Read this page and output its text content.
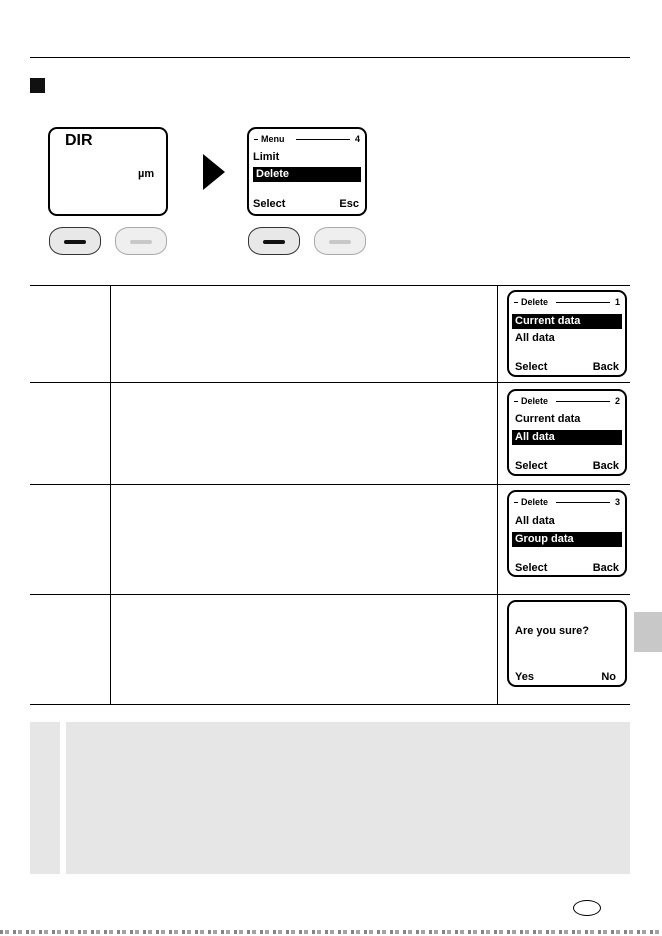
DIR
µm
Menu	4
Limit
Delete
Select	Esc
Delete	1
Current data
All data
Select	Back
Delete	2
Current data
All data
Select	Back
Delete	3
All data
Group data
Select	Back
Are you sure?
Yes	No
